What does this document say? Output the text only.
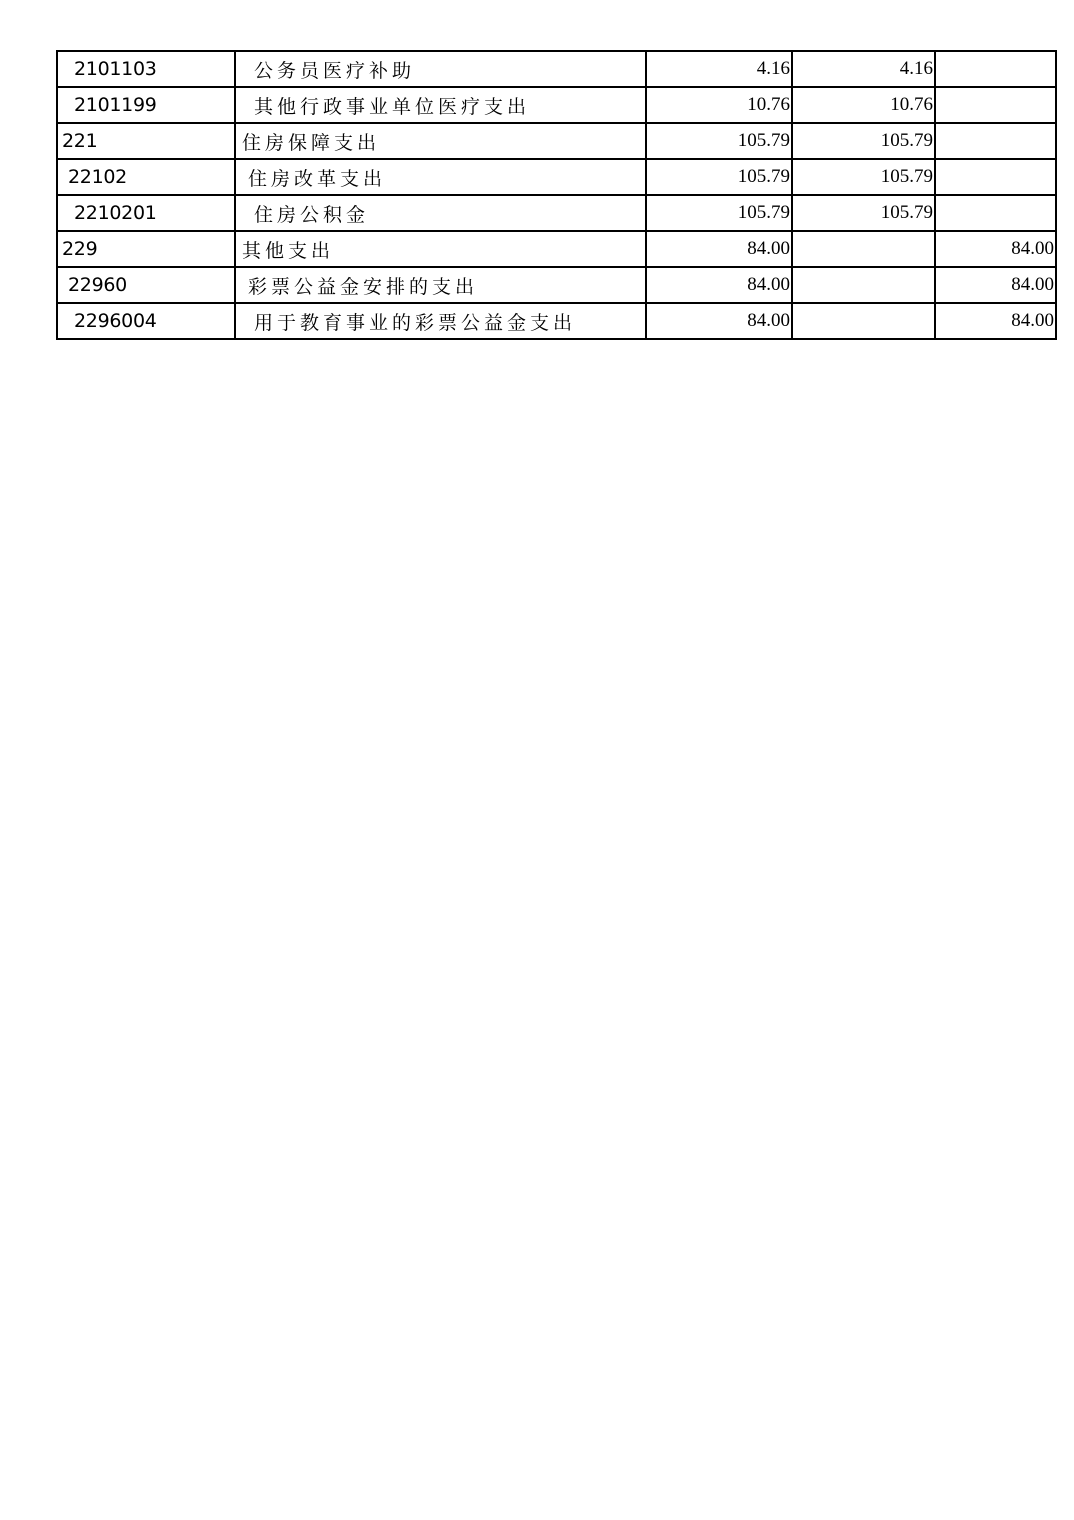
2101103	公务员医疗补助	4.16	4.16	
2101199	其他行政事业单位医疗支出	10.76	10.76	
221	住房保障支出	105.79	105.79	
22102	住房改革支出	105.79	105.79	
2210201	住房公积金	105.79	105.79	
229	其他支出	84.00		84.00
22960	彩票公益金安排的支出	84.00		84.00
2296004	用于教育事业的彩票公益金支出	84.00		84.00
